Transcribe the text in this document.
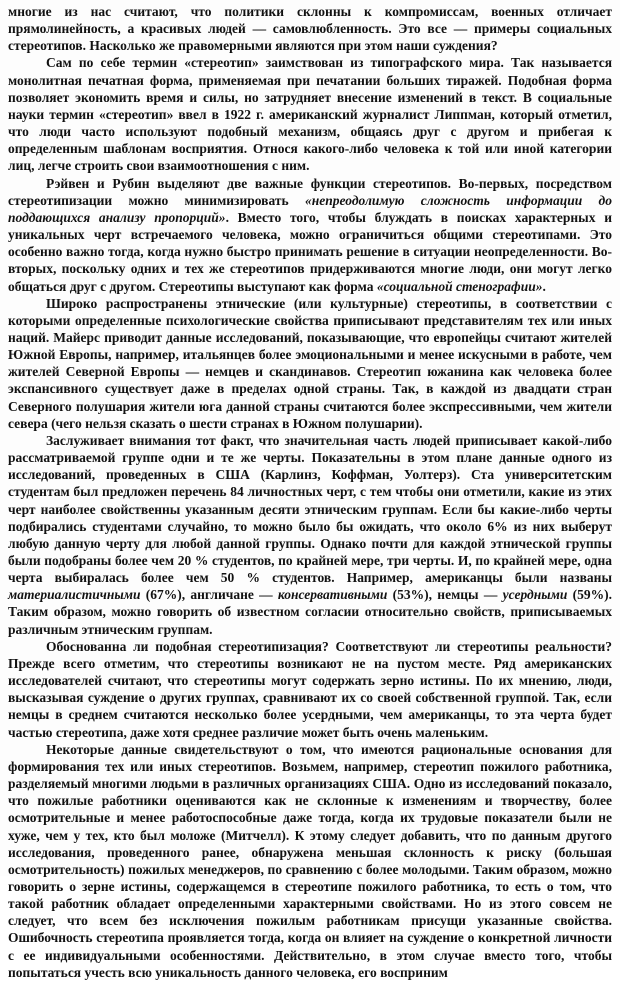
многие из нас считают, что политики склонны к компромиссам, военных отличает прямолинейность, а красивых людей — самовлюбленность. Это все — примеры социальных стереотипов. Насколько же правомерными являются при этом наши суждения?

Сам по себе термин «стереотип» заимствован из типографского мира. Так называется монолитная печатная форма, применяемая при печатании больших тиражей. Подобная форма позволяет экономить время и силы, но затрудняет внесение изменений в текст. В социальные науки термин «стереотип» ввел в 1922 г. американский журналист Липпман, который отметил, что люди часто используют подобный механизм, общаясь друг с другом и прибегая к определенным шаблонам восприятия. Относя какого-либо человека к той или иной категории лиц, легче строить свои взаимоотношения с ним.

Рэйвен и Рубин выделяют две важные функции стереотипов. Во-первых, посредством стереотипизации можно минимизировать «непреодолимую сложность информации до поддающихся анализу пропорций». Вместо того, чтобы блуждать в поисках характерных и уникальных черт встречаемого человека, можно ограничиться общими стереотипами. Это особенно важно тогда, когда нужно быстро принимать решение в ситуации неопределенности. Во-вторых, поскольку одних и тех же стереотипов придерживаются многие люди, они могут легко общаться друг с другом. Стереотипы выступают как форма «социальной стенографии».

Широко распространены этнические (или культурные) стереотипы, в соответствии с которыми определенные психологические свойства приписывают представителям тех или иных наций. Майерс приводит данные исследований, показывающие, что европейцы считают жителей Южной Европы, например, итальянцев более эмоциональными и менее искусными в работе, чем жителей Северной Европы — немцев и скандинавов. Стереотип южанина как человека более экспансивного существует даже в пределах одной страны. Так, в каждой из двадцати стран Северного полушария жители юга данной страны считаются более экспрессивными, чем жители севера (чего нельзя сказать о шести странах в Южном полушарии).

Заслуживает внимания тот факт, что значительная часть людей приписывает какой-либо рассматриваемой группе одни и те же черты. Показательны в этом плане данные одного из исследований, проведенных в США (Карлинз, Коффман, Уолтерз). Ста университетским студентам был предложен перечень 84 личностных черт, с тем чтобы они отметили, какие из этих черт наиболее свойственны указанным десяти этническим группам. Если бы какие-либо черты подбирались студентами случайно, то можно было бы ожидать, что около 6% из них выберут любую данную черту для любой данной группы. Однако почти для каждой этнической группы были подобраны более чем 20 % студентов, по крайней мере, три черты. И, по крайней мере, одна черта выбиралась более чем 50 % студентов. Например, американцы были названы материалистичными (67%), англичане — консервативными (53%), немцы — усердными (59%). Таким образом, можно говорить об известном согласии относительно свойств, приписываемых различным этническим группам.

Обоснованна ли подобная стереотипизация? Соответствуют ли стереотипы реальности? Прежде всего отметим, что стереотипы возникают не на пустом месте. Ряд американских исследователей считают, что стереотипы могут содержать зерно истины. По их мнению, люди, высказывая суждение о других группах, сравнивают их со своей собственной группой. Так, если немцы в среднем считаются несколько более усердными, чем американцы, то эта черта будет частью стереотипа, даже хотя среднее различие может быть очень маленьким.

Некоторые данные свидетельствуют о том, что имеются рациональные основания для формирования тех или иных стереотипов. Возьмем, например, стереотип пожилого работника, разделяемый многими людьми в различных организациях США. Одно из исследований показало, что пожилые работники оцениваются как не склонные к изменениям и творчеству, более осмотрительные и менее работоспособные даже тогда, когда их трудовые показатели были не хуже, чем у тех, кто был моложе (Митчелл). К этому следует добавить, что по данным другого исследования, проведенного ранее, обнаружена меньшая склонность к риску (большая осмотрительность) пожилых менеджеров, по сравнению с более молодыми. Таким образом, можно говорить о зерне истины, содержащемся в стереотипе пожилого работника, то есть о том, что такой работник обладает определенными характерными свойствами. Но из этого совсем не следует, что всем без исключения пожилым работникам присущи указанные свойства. Ошибочность стереотипа проявляется тогда, когда он влияет на суждение о конкретной личности с ее индивидуальными особенностями. Действительно, в этом случае вместо того, чтобы попытаться учесть всю уникальность данного человека, его восприним
